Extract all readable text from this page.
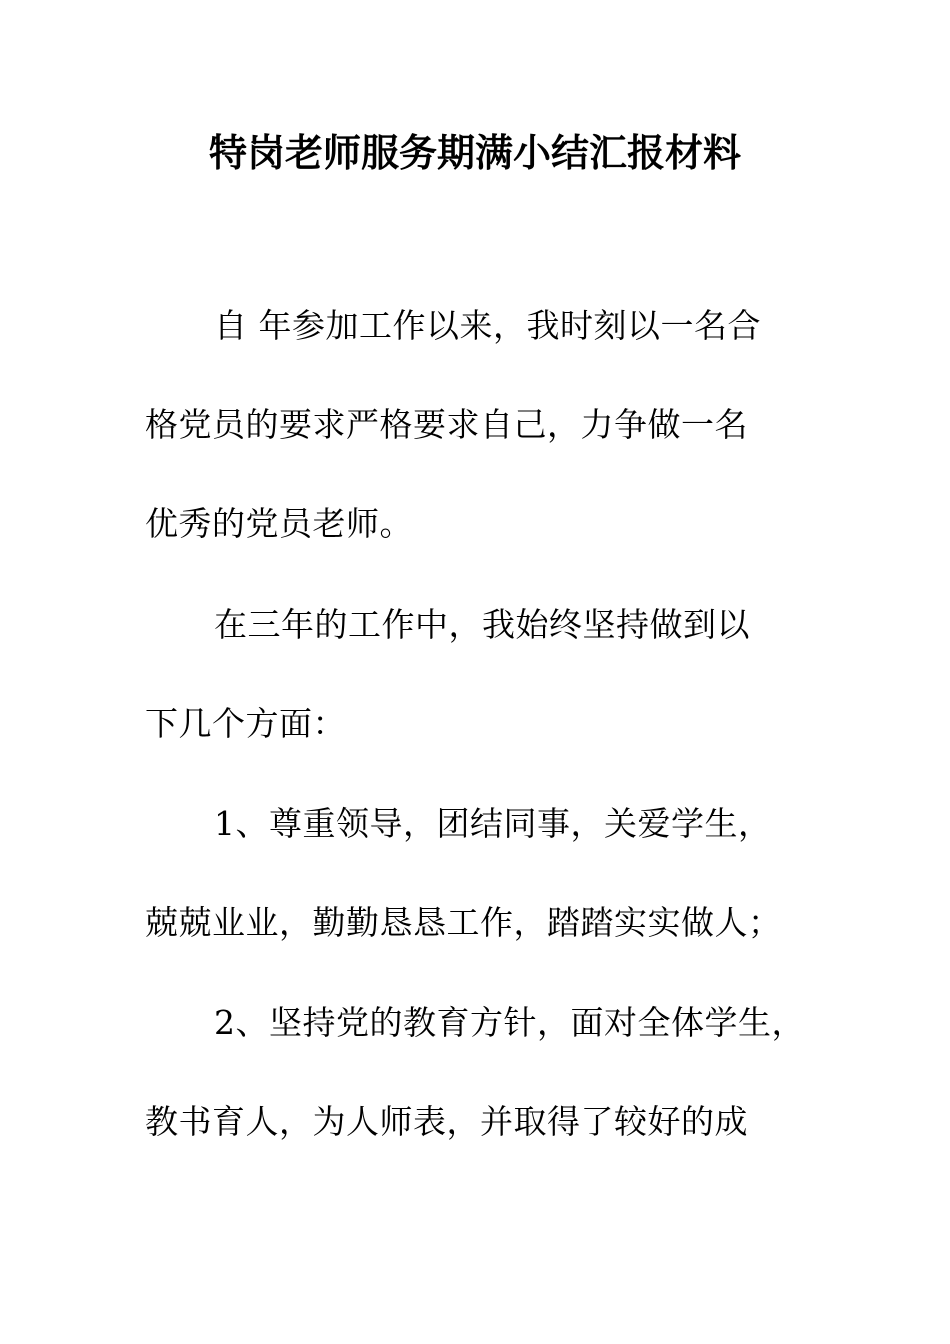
特岗老师服务期满小结汇报材料
自 年参加工作以来，我时刻以一名合
格党员的要求严格要求自己，力争做一名
优秀的党员老师。
在三年的工作中，我始终坚持做到以
下几个方面：
1、尊重领导，团结同事，关爱学生，
兢兢业业，勤勤恳恳工作，踏踏实实做人；
2、坚持党的教育方针，面对全体学生，
教书育人，为人师表，并取得了较好的成
